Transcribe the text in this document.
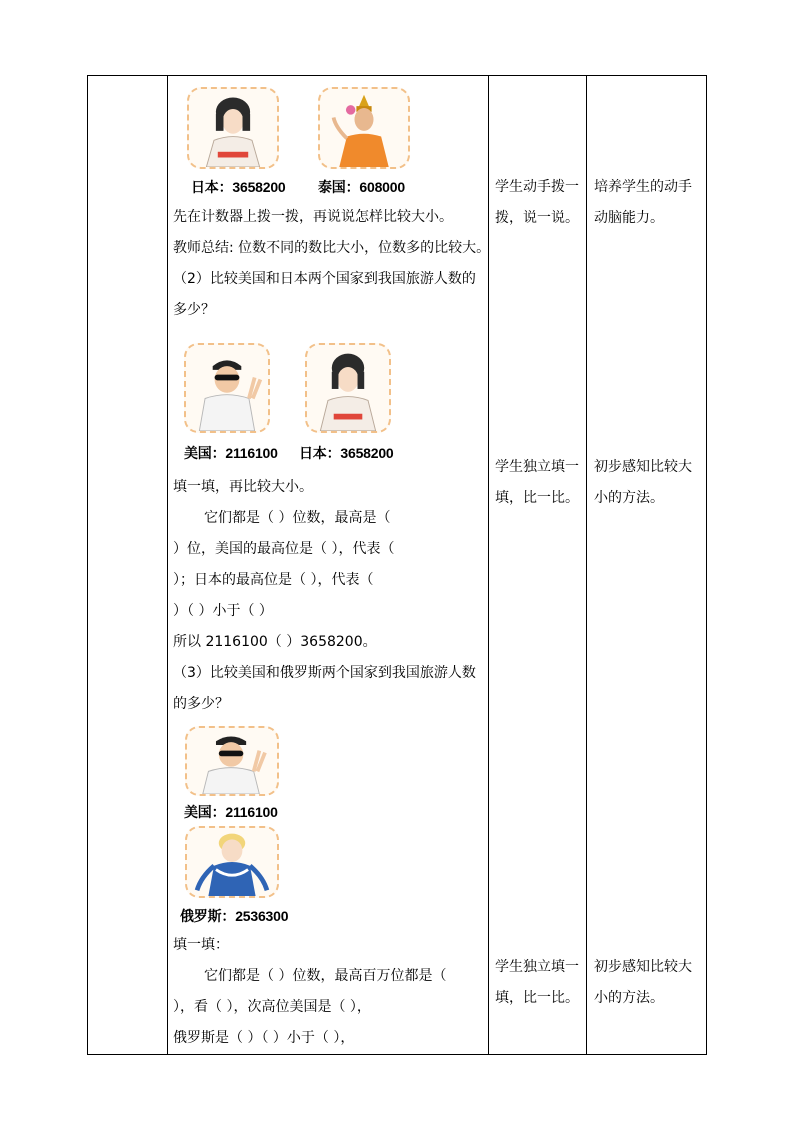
日本：3658200 泰国：608000
先在计数器上拨一拨，再说说怎样比较大小。
教师总结: 位数不同的数比大小，位数多的比较大。
（2）比较美国和日本两个国家到我国旅游人数的
多少？
美国：2116100 日本：3658200
填一填，再比较大小。
它们都是（ ）位数，最高是（
）位，美国的最高位是（ ），代表（
）；日本的最高位是（ ），代表（
）（ ）小于（ ）
所以 2116100（ ）3658200。
（3）比较美国和俄罗斯两个国家到我国旅游人数
的多少？
美国：2116100
俄罗斯：2536300
填一填：
它们都是（ ）位数，最高百万位都是（
），看（ ），次高位美国是（ ），
俄罗斯是（ ）（ ）小于（ ），
学生动手拨一
拨，说一说。
学生独立填一
填，比一比。
学生独立填一
填，比一比。
培养学生的动手
动脑能力。
初步感知比较大
小的方法。
初步感知比较大
小的方法。
